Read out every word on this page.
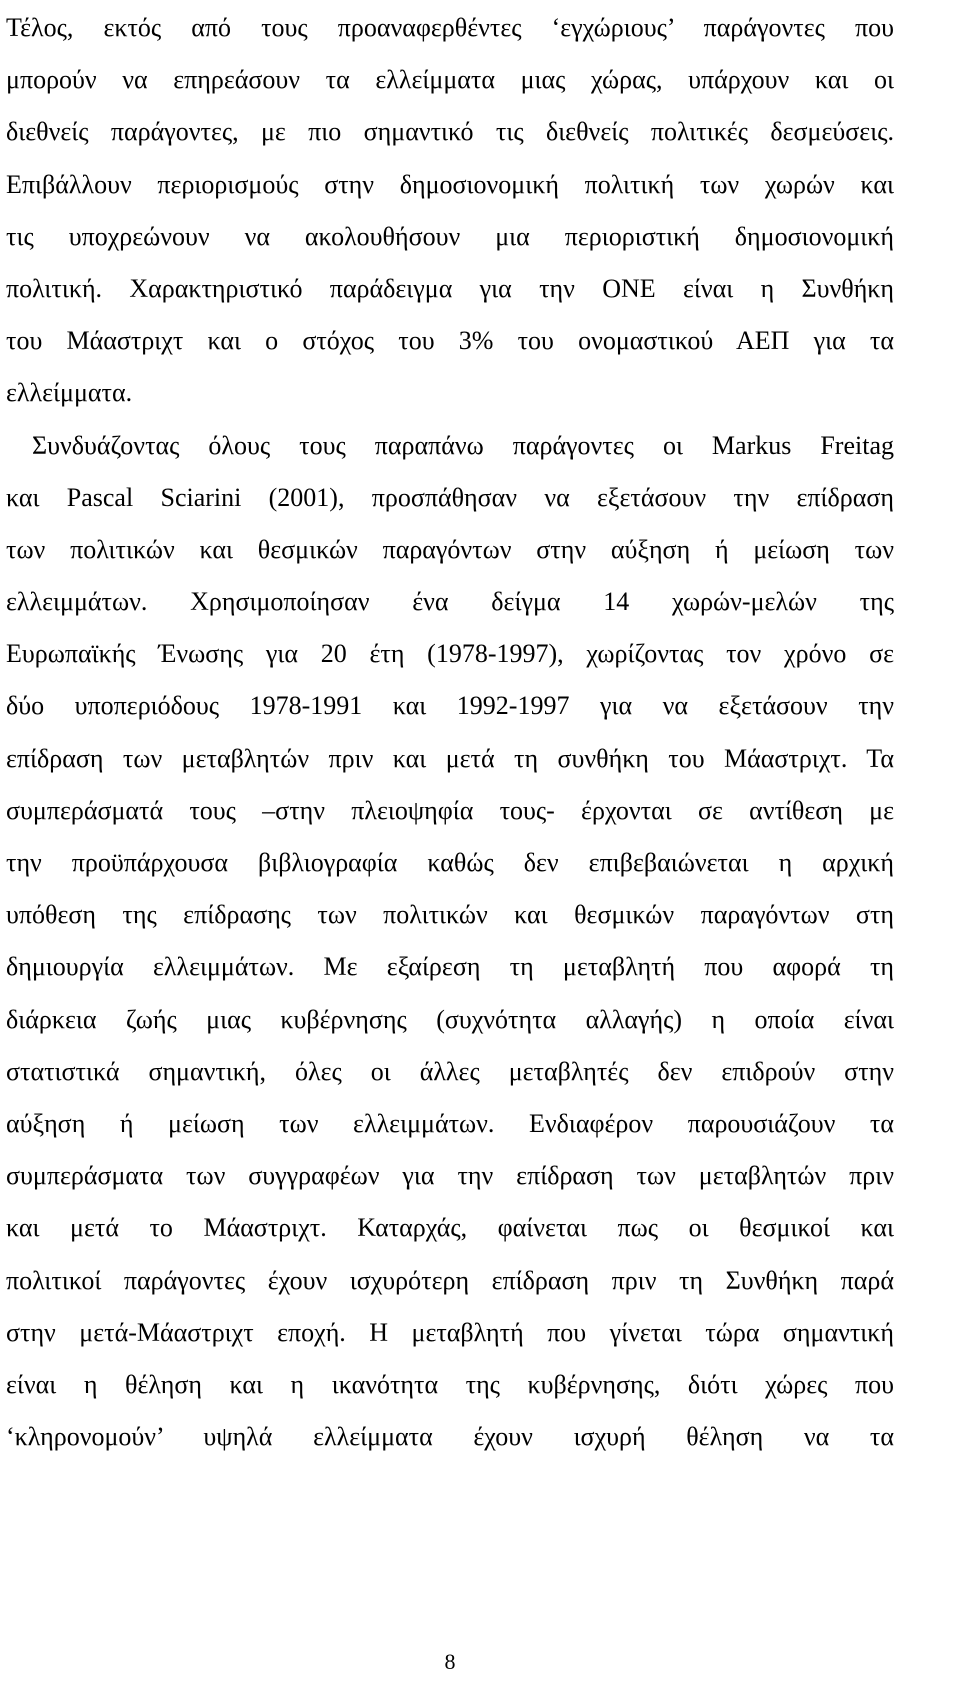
Τέλος, εκτός από τους προαναφερθέντες ‘εγχώριους’ παράγοντες που
μπορούν να επηρεάσουν τα ελλείμματα μιας χώρας, υπάρχουν και οι
διεθνείς παράγοντες, με πιο σημαντικό τις διεθνείς πολιτικές δεσμεύσεις.
Επιβάλλουν περιορισμούς στην δημοσιονομική πολιτική των χωρών και
τις υποχρεώνουν να ακολουθήσουν μια περιοριστική δημοσιονομική
πολιτική. Χαρακτηριστικό παράδειγμα για την ΟΝΕ είναι η Συνθήκη
του Μάαστριχτ και ο στόχος του 3% του ονομαστικού ΑΕΠ για τα
ελλείμματα.
Συνδυάζοντας όλους τους παραπάνω παράγοντες οι Markus Freitag
και Pascal Sciarini (2001), προσπάθησαν να εξετάσουν την επίδραση
των πολιτικών και θεσμικών παραγόντων στην αύξηση ή μείωση των
ελλειμμάτων. Χρησιμοποίησαν ένα δείγμα 14 χωρών-μελών της
Ευρωπαϊκής Ένωσης για 20 έτη (1978-1997), χωρίζοντας τον χρόνο σε
δύο υποπεριόδους 1978-1991 και 1992-1997 για να εξετάσουν την
επίδραση των μεταβλητών πριν και μετά τη συνθήκη του Μάαστριχτ. Τα
συμπεράσματά τους –στην πλειοψηφία τους- έρχονται σε αντίθεση με
την προϋπάρχουσα βιβλιογραφία καθώς δεν επιβεβαιώνεται η αρχική
υπόθεση της επίδρασης των πολιτικών και θεσμικών παραγόντων στη
δημιουργία ελλειμμάτων. Με εξαίρεση τη μεταβλητή που αφορά τη
διάρκεια ζωής μιας κυβέρνησης (συχνότητα αλλαγής) η οποία είναι
στατιστικά σημαντική, όλες οι άλλες μεταβλητές δεν επιδρούν στην
αύξηση ή μείωση των ελλειμμάτων. Ενδιαφέρον παρουσιάζουν τα
συμπεράσματα των συγγραφέων για την επίδραση των μεταβλητών πριν
και μετά το Μάαστριχτ. Καταρχάς, φαίνεται πως οι θεσμικοί και
πολιτικοί παράγοντες έχουν ισχυρότερη επίδραση πριν τη Συνθήκη παρά
στην μετά-Μάαστριχτ εποχή. Η μεταβλητή που γίνεται τώρα σημαντική
είναι η θέληση και η ικανότητα της κυβέρνησης, διότι χώρες που
‘κληρονομούν’ υψηλά ελλείμματα έχουν ισχυρή θέληση να τα
8
